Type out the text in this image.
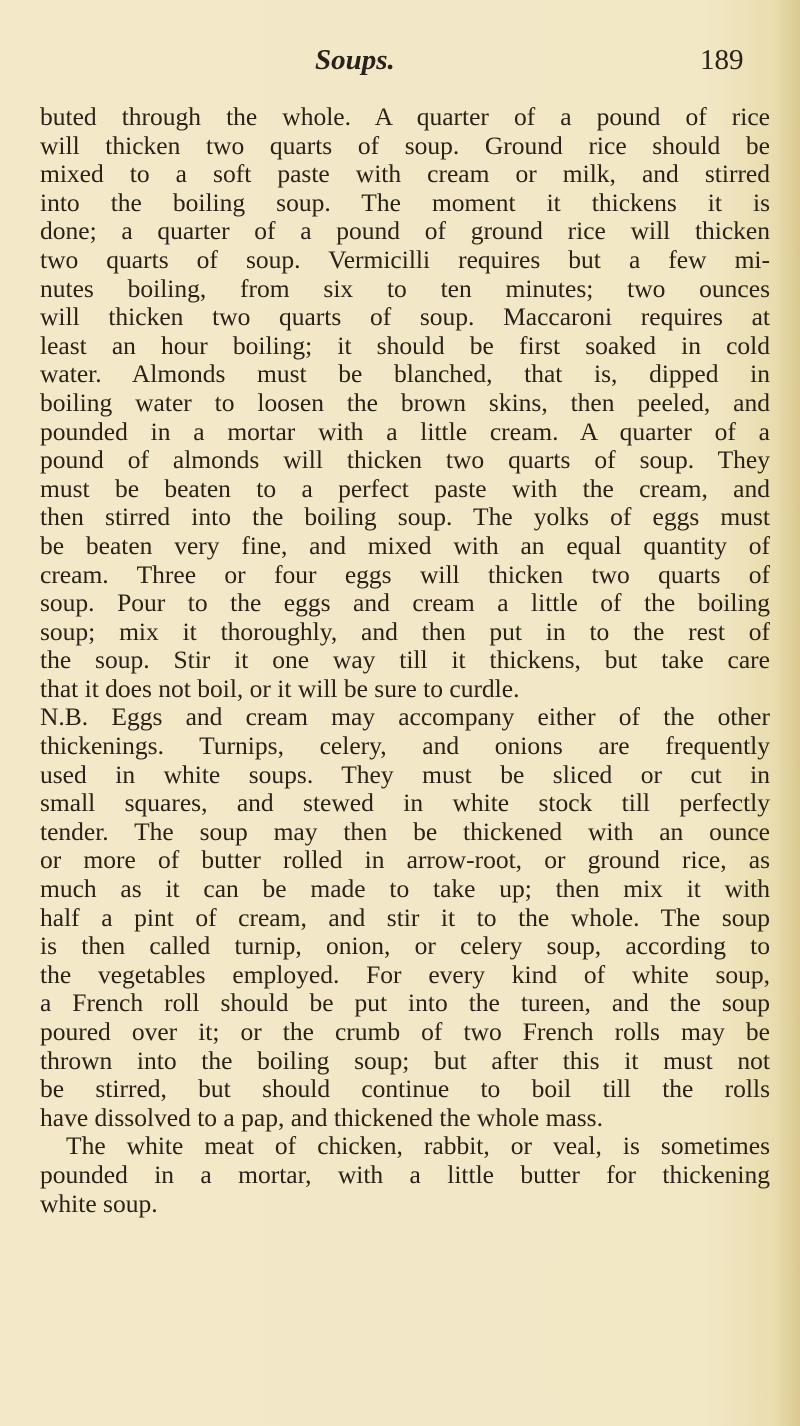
Soups.	189
buted through the whole. A quarter of a pound of rice
will thicken two quarts of soup. Ground rice should be
mixed to a soft paste with cream or milk, and stirred
into the boiling soup. The moment it thickens it is
done; a quarter of a pound of ground rice will thicken
two quarts of soup. Vermicilli requires but a few mi-
nutes boiling, from six to ten minutes; two ounces
will thicken two quarts of soup. Maccaroni requires at
least an hour boiling; it should be first soaked in cold
water. Almonds must be blanched, that is, dipped in
boiling water to loosen the brown skins, then peeled, and
pounded in a mortar with a little cream. A quarter of a
pound of almonds will thicken two quarts of soup. They
must be beaten to a perfect paste with the cream, and
then stirred into the boiling soup. The yolks of eggs must
be beaten very fine, and mixed with an equal quantity of
cream. Three or four eggs will thicken two quarts of
soup. Pour to the eggs and cream a little of the boiling
soup; mix it thoroughly, and then put in to the rest of
the soup. Stir it one way till it thickens, but take care
that it does not boil, or it will be sure to curdle.
N.B. Eggs and cream may accompany either of the other
thickenings. Turnips, celery, and onions are frequently
used in white soups. They must be sliced or cut in
small squares, and stewed in white stock till perfectly
tender. The soup may then be thickened with an ounce
or more of butter rolled in arrow-root, or ground rice, as
much as it can be made to take up; then mix it with
half a pint of cream, and stir it to the whole. The soup
is then called turnip, onion, or celery soup, according to
the vegetables employed. For every kind of white soup,
a French roll should be put into the tureen, and the soup
poured over it; or the crumb of two French rolls may be
thrown into the boiling soup; but after this it must not
be stirred, but should continue to boil till the rolls
have dissolved to a pap, and thickened the whole mass.
The white meat of chicken, rabbit, or veal, is sometimes
pounded in a mortar, with a little butter for thickening
white soup.
